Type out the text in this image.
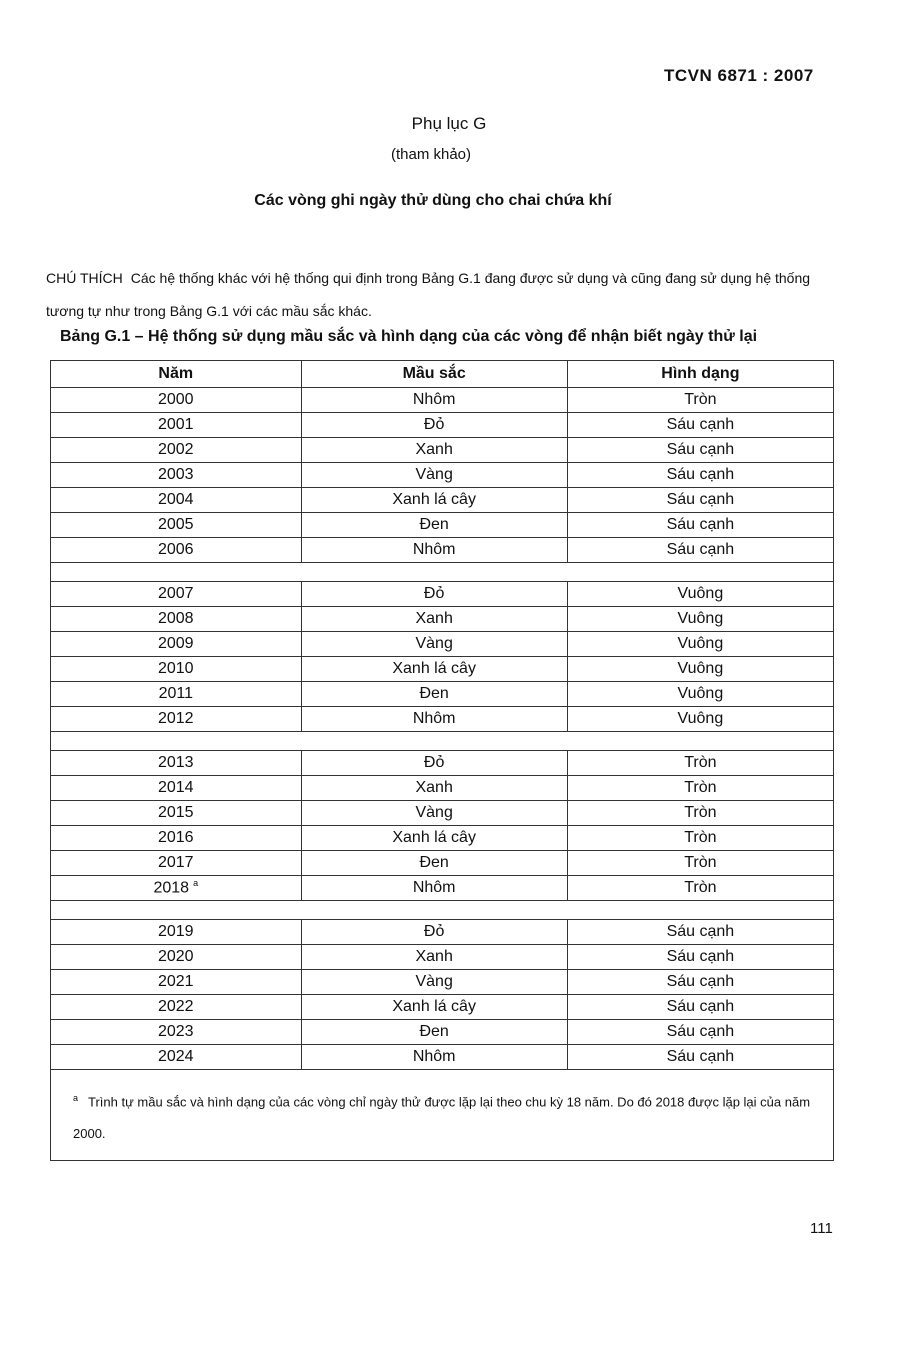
TCVN 6871 : 2007
Phụ lục G
(tham khảo)
Các vòng ghi ngày thử dùng cho chai chứa khí
CHÚ THÍCH Các hệ thống khác với hệ thống qui định trong Bảng G.1 đang được sử dụng và cũng đang sử dụng hệ thống tương tự như trong Bảng G.1 với các mầu sắc khác.
Bảng G.1 – Hệ thống sử dụng mầu sắc và hình dạng của các vòng để nhận biết ngày thử lại
Năm	Mầu sắc	Hình dạng
2000	Nhôm	Tròn
2001	Đỏ	Sáu cạnh
2002	Xanh	Sáu cạnh
2003	Vàng	Sáu cạnh
2004	Xanh lá cây	Sáu cạnh
2005	Đen	Sáu cạnh
2006	Nhôm	Sáu cạnh

2007	Đỏ	Vuông
2008	Xanh	Vuông
2009	Vàng	Vuông
2010	Xanh lá cây	Vuông
2011	Đen	Vuông
2012	Nhôm	Vuông

2013	Đỏ	Tròn
2014	Xanh	Tròn
2015	Vàng	Tròn
2016	Xanh lá cây	Tròn
2017	Đen	Tròn
2018 $^a$	Nhôm	Tròn

2019	Đỏ	Sáu cạnh
2020	Xanh	Sáu cạnh
2021	Vàng	Sáu cạnh
2022	Xanh lá cây	Sáu cạnh
2023	Đen	Sáu cạnh
2024	Nhôm	Sáu cạnh
$^a$ Trình tự mầu sắc và hình dạng của các vòng chỉ ngày thử được lặp lại theo chu kỳ 18 năm. Do đó 2018 được lặp lại của năm 2000.		
111
